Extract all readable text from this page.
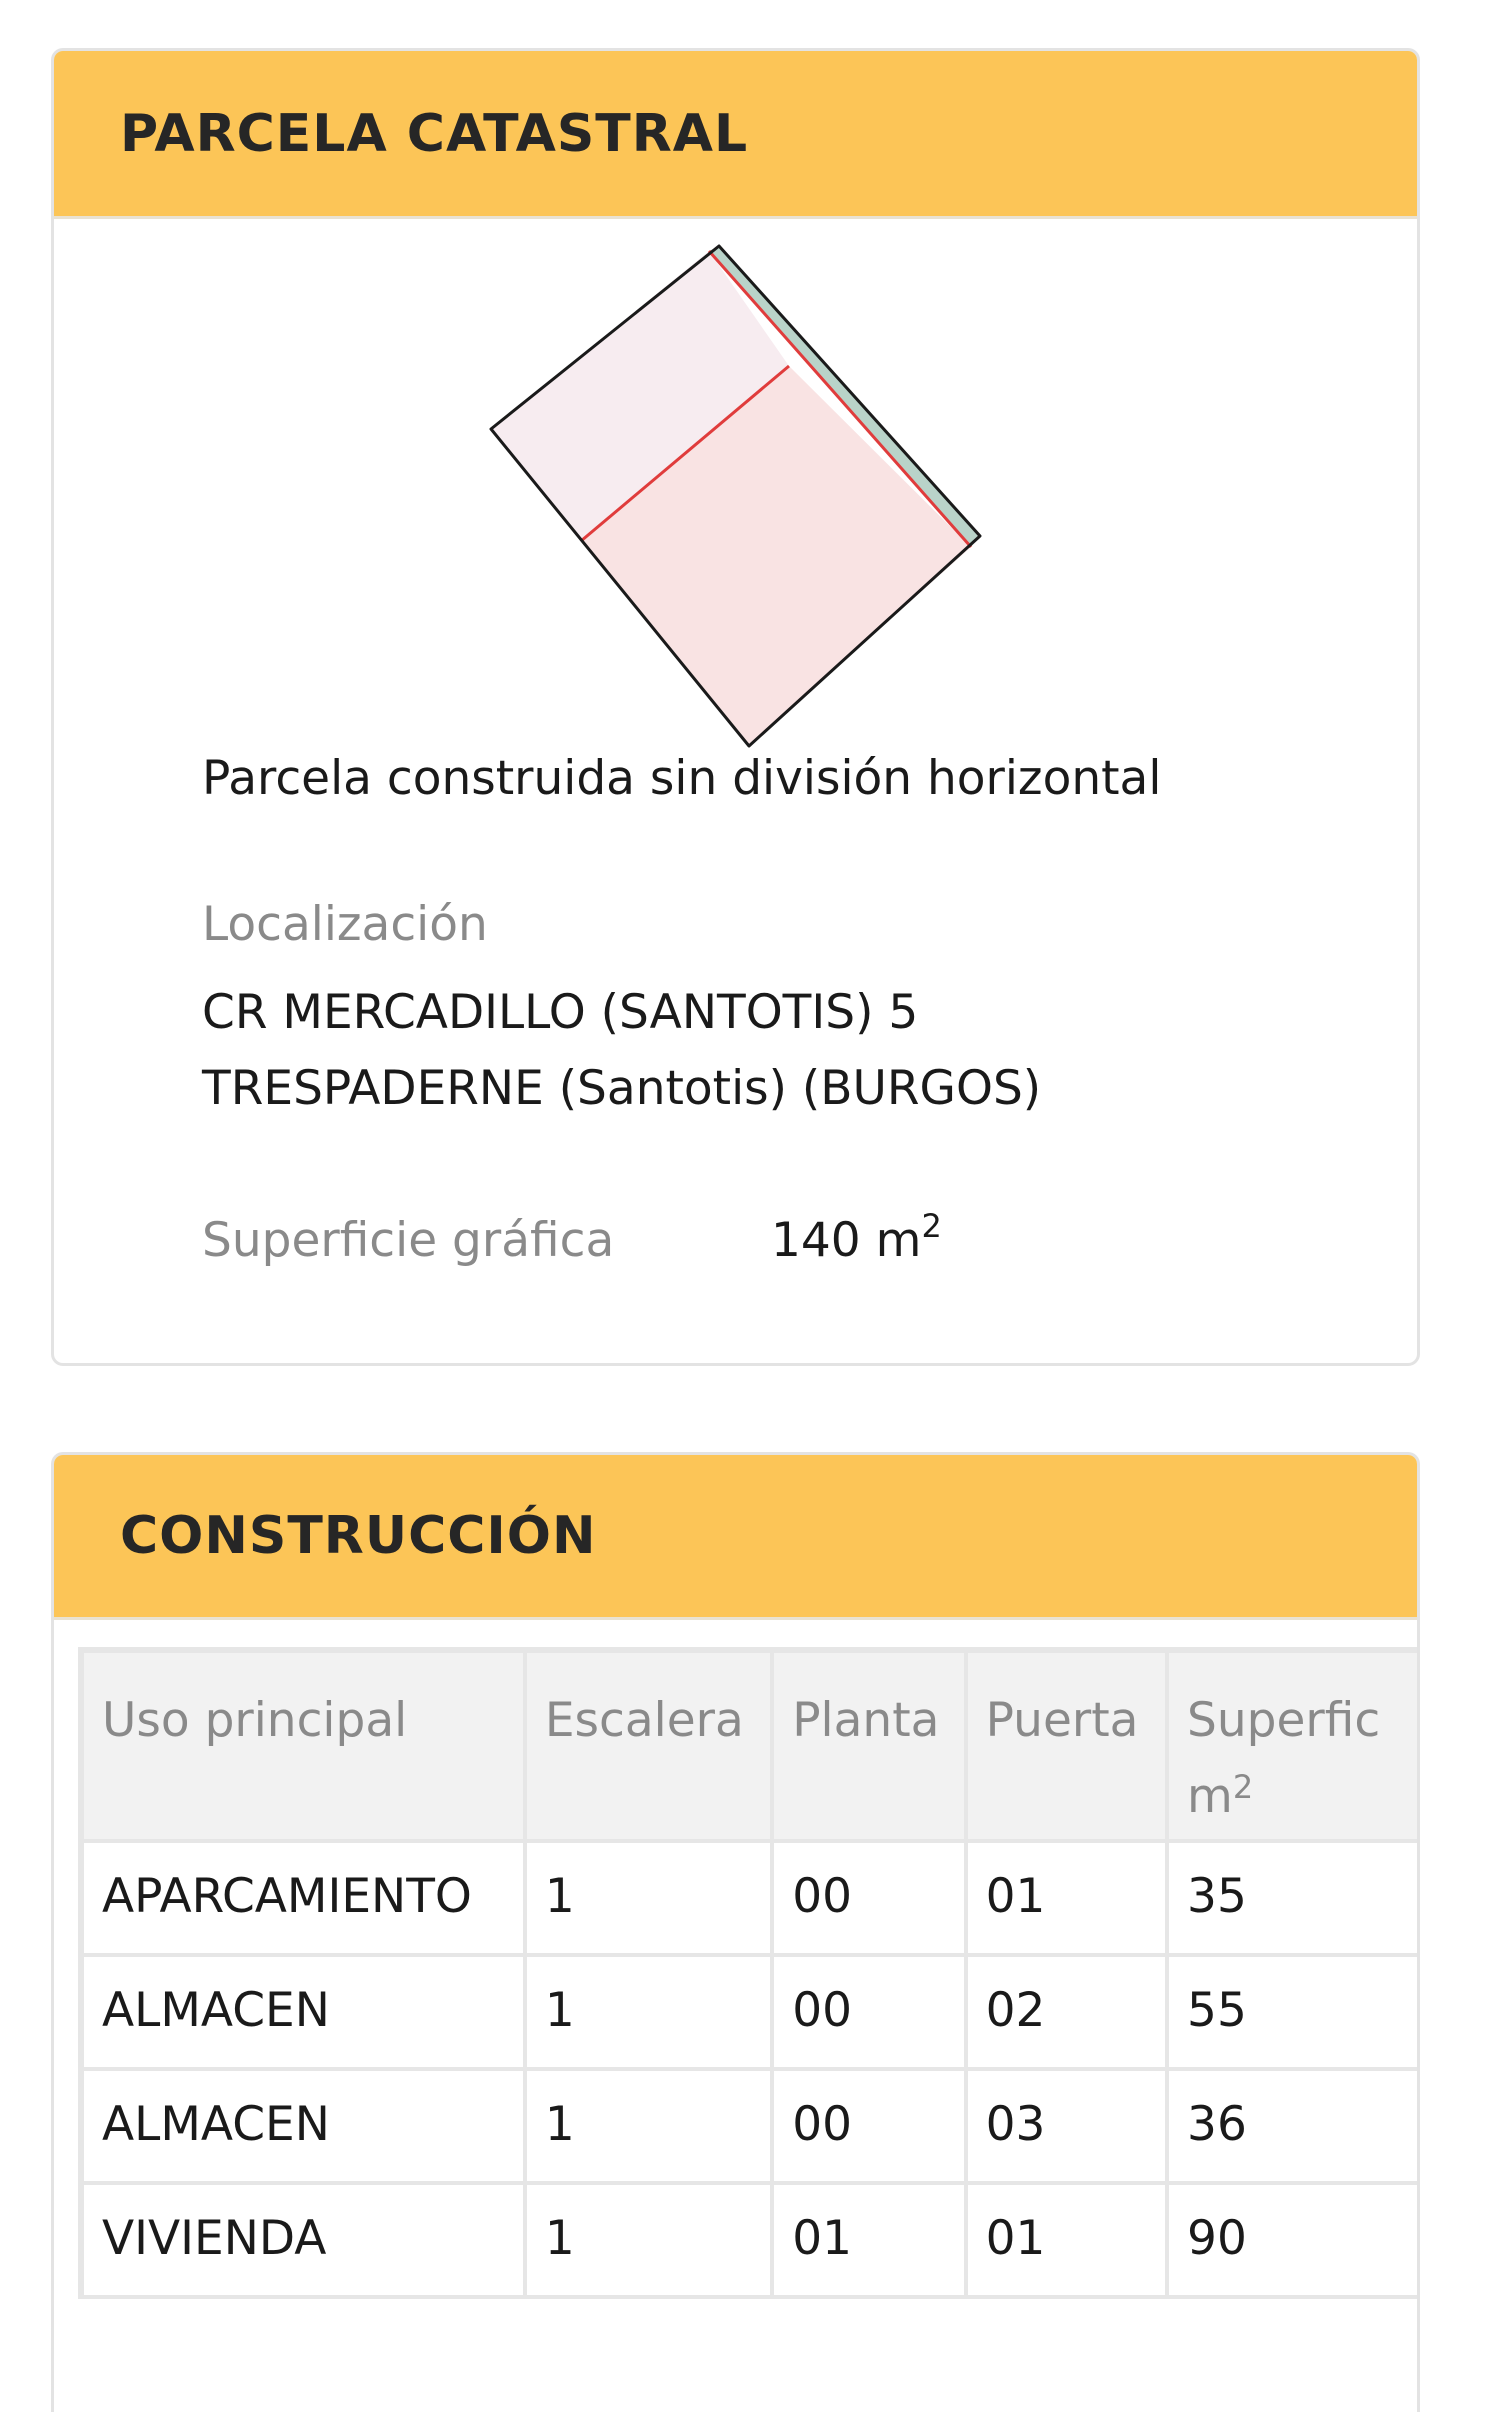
PARCELA CATASTRAL
Parcela construida sin división horizontal
Localización
CR MERCADILLO (SANTOTIS) 5
TRESPADERNE (Santotis) (BURGOS)
Superficie gráfica	140 $m^2$
CONSTRUCCIÓN
Uso principal	Escalera	Planta	Puerta	Superfic
$m^2$
APARCAMIENTO	1	00	01	35
ALMACEN	1	00	02	55
ALMACEN	1	00	03	36
VIVIENDA	1	01	01	90
